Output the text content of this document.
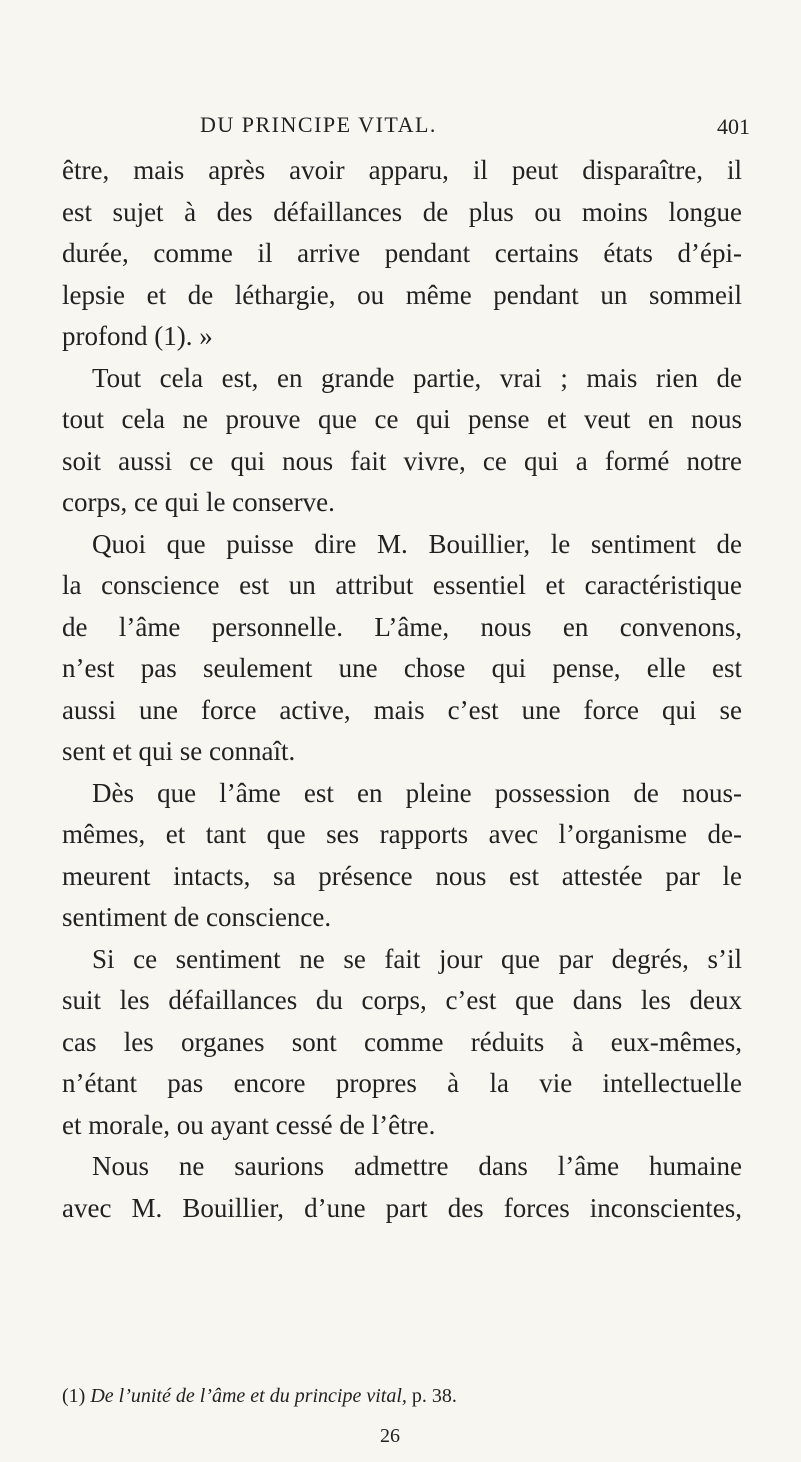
DU PRINCIPE VITAL.	401
être, mais après avoir apparu, il peut disparaître, il
est sujet à des défaillances de plus ou moins longue
durée, comme il arrive pendant certains états d’épi-
lepsie et de léthargie, ou même pendant un sommeil
profond (1). »
Tout cela est, en grande partie, vrai ; mais rien de
tout cela ne prouve que ce qui pense et veut en nous
soit aussi ce qui nous fait vivre, ce qui a formé notre
corps, ce qui le conserve.
Quoi que puisse dire M. Bouillier, le sentiment de
la conscience est un attribut essentiel et caractéristique
de l’âme personnelle. L’âme, nous en convenons,
n’est pas seulement une chose qui pense, elle est
aussi une force active, mais c’est une force qui se
sent et qui se connaît.
Dès que l’âme est en pleine possession de nous-
mêmes, et tant que ses rapports avec l’organisme de-
meurent intacts, sa présence nous est attestée par le
sentiment de conscience.
Si ce sentiment ne se fait jour que par degrés, s’il
suit les défaillances du corps, c’est que dans les deux
cas les organes sont comme réduits à eux-mêmes,
n’étant pas encore propres à la vie intellectuelle
et morale, ou ayant cessé de l’être.
Nous ne saurions admettre dans l’âme humaine
avec M. Bouillier, d’une part des forces inconscientes,
(1) De l’unité de l’âme et du principe vital, p. 38.
26
